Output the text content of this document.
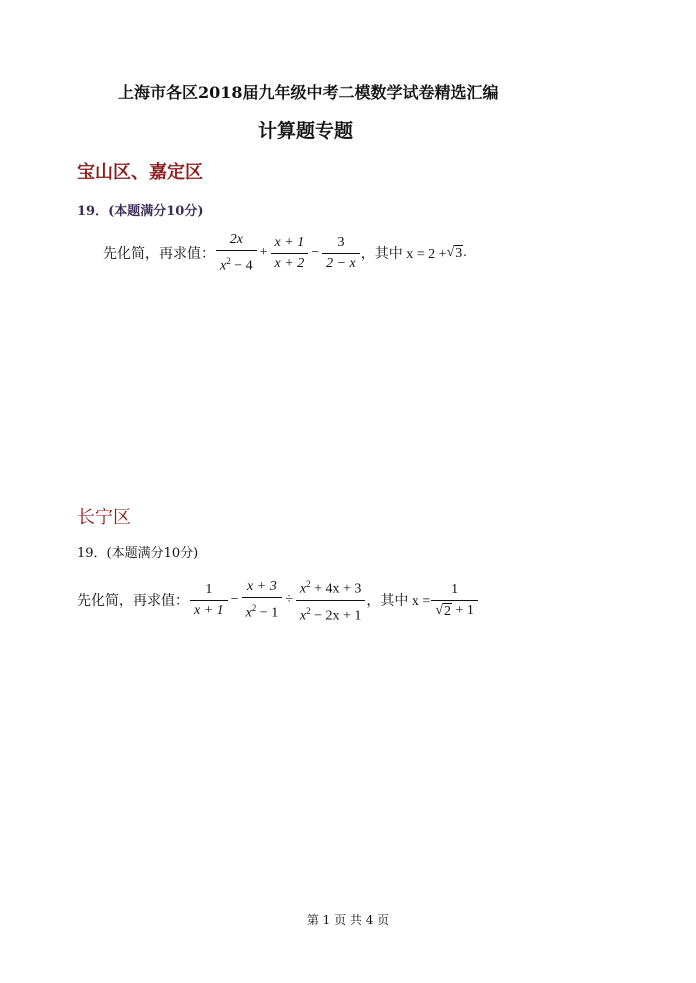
上海市各区2018届九年级中考二模数学试卷精选汇编
计算题专题
宝山区、嘉定区
19．(本题满分10分)
先化简，再求值： $\frac{2x}{x^2 - 4} + \frac{x + 1}{x + 2} - \frac{3}{2 - x}$ ，其中 x = 2 + √ 3 .
长宁区
19．(本题满分10分)
先化简，再求值： $\frac{1}{x + 1} - \frac{x + 3}{x^2 - 1} \div \frac{x^2 + 4x + 3}{x^2 - 2x + 1}$ ，其中 $x = \frac{1}{√ 2 + 1}$
第 1 页 共 4 页
